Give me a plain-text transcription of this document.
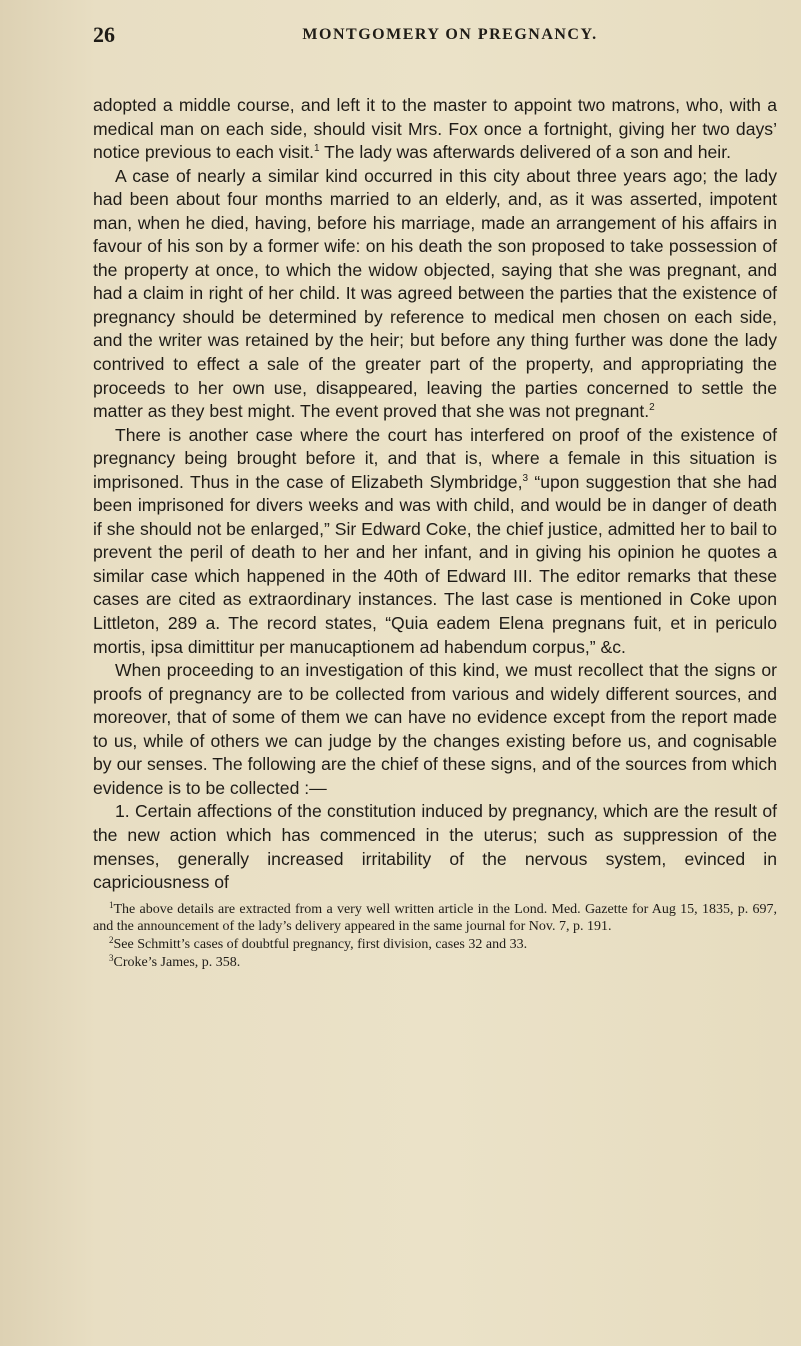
26	MONTGOMERY ON PREGNANCY.

adopted a middle course, and left it to the master to appoint two matrons, who, with a medical man on each side, should visit Mrs. Fox once a fortnight, giving her two days’ notice previous to each visit.$^1$ The lady was afterwards delivered of a son and heir.

A case of nearly a similar kind occurred in this city about three years ago; the lady had been about four months married to an elderly, and, as it was asserted, impotent man, when he died, having, before his marriage, made an arrangement of his affairs in favour of his son by a former wife: on his death the son proposed to take possession of the property at once, to which the widow objected, saying that she was pregnant, and had a claim in right of her child. It was agreed between the parties that the existence of pregnancy should be determined by reference to medical men chosen on each side, and the writer was retained by the heir; but before any thing further was done the lady contrived to effect a sale of the greater part of the property, and appropriating the proceeds to her own use, disappeared, leaving the parties concerned to settle the matter as they best might. The event proved that she was not pregnant.$^2$

There is another case where the court has interfered on proof of the existence of pregnancy being brought before it, and that is, where a female in this situation is imprisoned. Thus in the case of Elizabeth Slymbridge,$^3$ “upon suggestion that she had been imprisoned for divers weeks and was with child, and would be in danger of death if she should not be enlarged,” Sir Edward Coke, the chief justice, admitted her to bail to prevent the peril of death to her and her infant, and in giving his opinion he quotes a similar case which happened in the 40th of Edward III. The editor remarks that these cases are cited as extraordinary instances. The last case is mentioned in Coke upon Littleton, 289 a. The record states, “Quia eadem Elena pregnans fuit, et in periculo mortis, ipsa dimittitur per manucaptionem ad habendum corpus,” &c.

When proceeding to an investigation of this kind, we must recollect that the signs or proofs of pregnancy are to be collected from various and widely different sources, and moreover, that of some of them we can have no evidence except from the report made to us, while of others we can judge by the changes existing before us, and cognisable by our senses. The following are the chief of these signs, and of the sources from which evidence is to be collected :—

1. Certain affections of the constitution induced by pregnancy, which are the result of the new action which has commenced in the uterus; such as suppression of the menses, generally increased irritability of the nervous system, evinced in capriciousness of

$^1$The above details are extracted from a very well written article in the Lond. Med. Gazette for Aug 15, 1835, p. 697, and the announcement of the lady’s delivery appeared in the same journal for Nov. 7, p. 191.

$^2$See Schmitt’s cases of doubtful pregnancy, first division, cases 32 and 33.

$^3$Croke’s James, p. 358.
